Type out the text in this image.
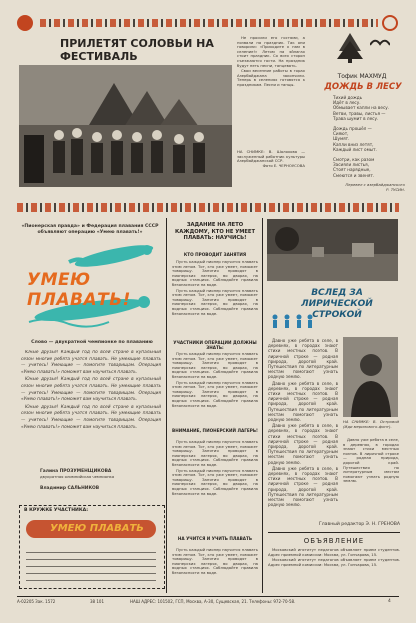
ПРИЛЕТЯТ СОЛОВЬИ НА ФЕСТИВАЛЬ
НА СНИМКЕ: В. Шолохова — заслуженный работник культуры Азербайджанской ССР.
Фото Е. ЧЕРНОУСОВА

Не просили его гостями, а позвали на праздник. Так они говорили: «Приходите к нам в селение!» Летом на эйлагах стоит праздник. Со всех сторон съезжаются гости. На праздник будут петь песни, танцевать.

Свои весенние работы в горах Азербайджана закончили. Теперь в селениях готовятся к праздникам. Песни и танцы.

Тофик МАХМУД
ДОЖДЬ В ЛЕСУ
Тихий дождь
Идёт в лесу.
Обмывает капли на весу.
Ветви, травы, листья —
Трава шумит в лесу.
Дождь прошёл —
Сияют,
Шумят.
Капли вниз летят,
Каждый лист омыт.
Смотри, как разом
Засияли листья,
Стоят нарядные,
Смеются и звенят.
Перевел с азербайджанского Р. ТУСИН.
«Пионерская правда» и Федерация плавания СССР объявляют операцию «Умею плавать!»
УМЕЮ ПЛАВАТЬ!
Слово — двукратной чемпионке по плаванию

Юные друзья! Каждый год по всей стране в купальный сезон многие ребята учатся плавать. Не умеющие плавать — учитесь! Умеющие — помогите товарищам. Операция «Умею плавать!» поможет вам научиться плавать.

Юные друзья! Каждый год по всей стране в купальный сезон многие ребята учатся плавать. Не умеющие плавать — учитесь! Умеющие — помогите товарищам. Операция «Умею плавать!» поможет вам научиться плавать.

Юные друзья! Каждый год по всей стране в купальный сезон многие ребята учатся плавать. Не умеющие плавать — учитесь! Умеющие — помогите товарищам. Операция «Умею плавать!» поможет вам научиться плавать.

Галина ПРОЗУМЕНЩИКОВА
двукратная олимпийская чемпионка
Владимир САЛЬНИКОВ
В КРУЖКЕ УЧАСТНИКА:
УМЕЮ ПЛАВАТЬ
ЗАДАНИЕ НА ЛЕТО КАЖДОМУ, КТО НЕ УМЕЕТ ПЛАВАТЬ: НАУЧИСЬ!
КТО ПРОВОДИТ ЗАНЯТИЯ

Пусть каждый пионер научится плавать этим летом. Тот, кто уже умеет, поможет товарищу. Занятия проводят в пионерских лагерях, во дворах, на водных станциях. Соблюдайте правила безопасности на воде.

Пусть каждый пионер научится плавать этим летом. Тот, кто уже умеет, поможет товарищу. Занятия проводят в пионерских лагерях, во дворах, на водных станциях. Соблюдайте правила безопасности на воде.

УЧАСТНИКИ ОПЕРАЦИИ ДОЛЖНЫ ЗНАТЬ:

Пусть каждый пионер научится плавать этим летом. Тот, кто уже умеет, поможет товарищу. Занятия проводят в пионерских лагерях, во дворах, на водных станциях. Соблюдайте правила безопасности на воде.

Пусть каждый пионер научится плавать этим летом. Тот, кто уже умеет, поможет товарищу. Занятия проводят в пионерских лагерях, во дворах, на водных станциях. Соблюдайте правила безопасности на воде.

ВНИМАНИЕ, ПИОНЕРСКИЙ ЛАГЕРЬ!

Пусть каждый пионер научится плавать этим летом. Тот, кто уже умеет, поможет товарищу. Занятия проводят в пионерских лагерях, во дворах, на водных станциях. Соблюдайте правила безопасности на воде.

Пусть каждый пионер научится плавать этим летом. Тот, кто уже умеет, поможет товарищу. Занятия проводят в пионерских лагерях, во дворах, на водных станциях. Соблюдайте правила безопасности на воде.

НА УЧИТСЯ И УЧИТЬ ПЛАВАТЬ

Пусть каждый пионер научится плавать этим летом. Тот, кто уже умеет, поможет товарищу. Занятия проводят в пионерских лагерях, во дворах, на водных станциях. Соблюдайте правила безопасности на воде.

ВСЛЕД ЗА ЛИРИЧЕСКОЙ СТРОКОЙ

Давно уже ребята в селе, в деревнях, в городах знают стихи местных поэтов. В лиричной строке — родная природа, дорогой край. Путешествия по литературным местам помогают узнать родную землю.

Давно уже ребята в селе, в деревнях, в городах знают стихи местных поэтов. В лиричной строке — родная природа, дорогой край. Путешествия по литературным местам помогают узнать родную землю.

Давно уже ребята в селе, в деревнях, в городах знают стихи местных поэтов. В лиричной строке — родная природа, дорогой край. Путешествия по литературным местам помогают узнать родную землю.

Давно уже ребята в селе, в деревнях, в городах знают стихи местных поэтов. В лиричной строке — родная природа, дорогой край. Путешествия по литературным местам помогают узнать родную землю.

НА СНИМКЕ: В. Островой (Иди мерилового-фонт).

Давно уже ребята в селе, в деревнях, в городах знают стихи местных поэтов. В лиричной строке — родная природа, дорогой край. Путешествия по литературным местам помогают узнать родную землю.

Главный редактор Э. Н. ГРЕНОВА
ОБЪЯВЛЕНИЕ

Московский институт педагогов объявляет прием студентов. Адрес приемной комиссии: Москва, ул. Гончарова, 15.

Московский институт педагогов объявляет прием студентов. Адрес приемной комиссии: Москва, ул. Гончарова, 15.

А-02205 Зак. 1572	38 101	НАШ АДРЕС: 101502, ГСП, Москва, А-30, Сущевская, 21. Телефоны: 972-70-58.	4
